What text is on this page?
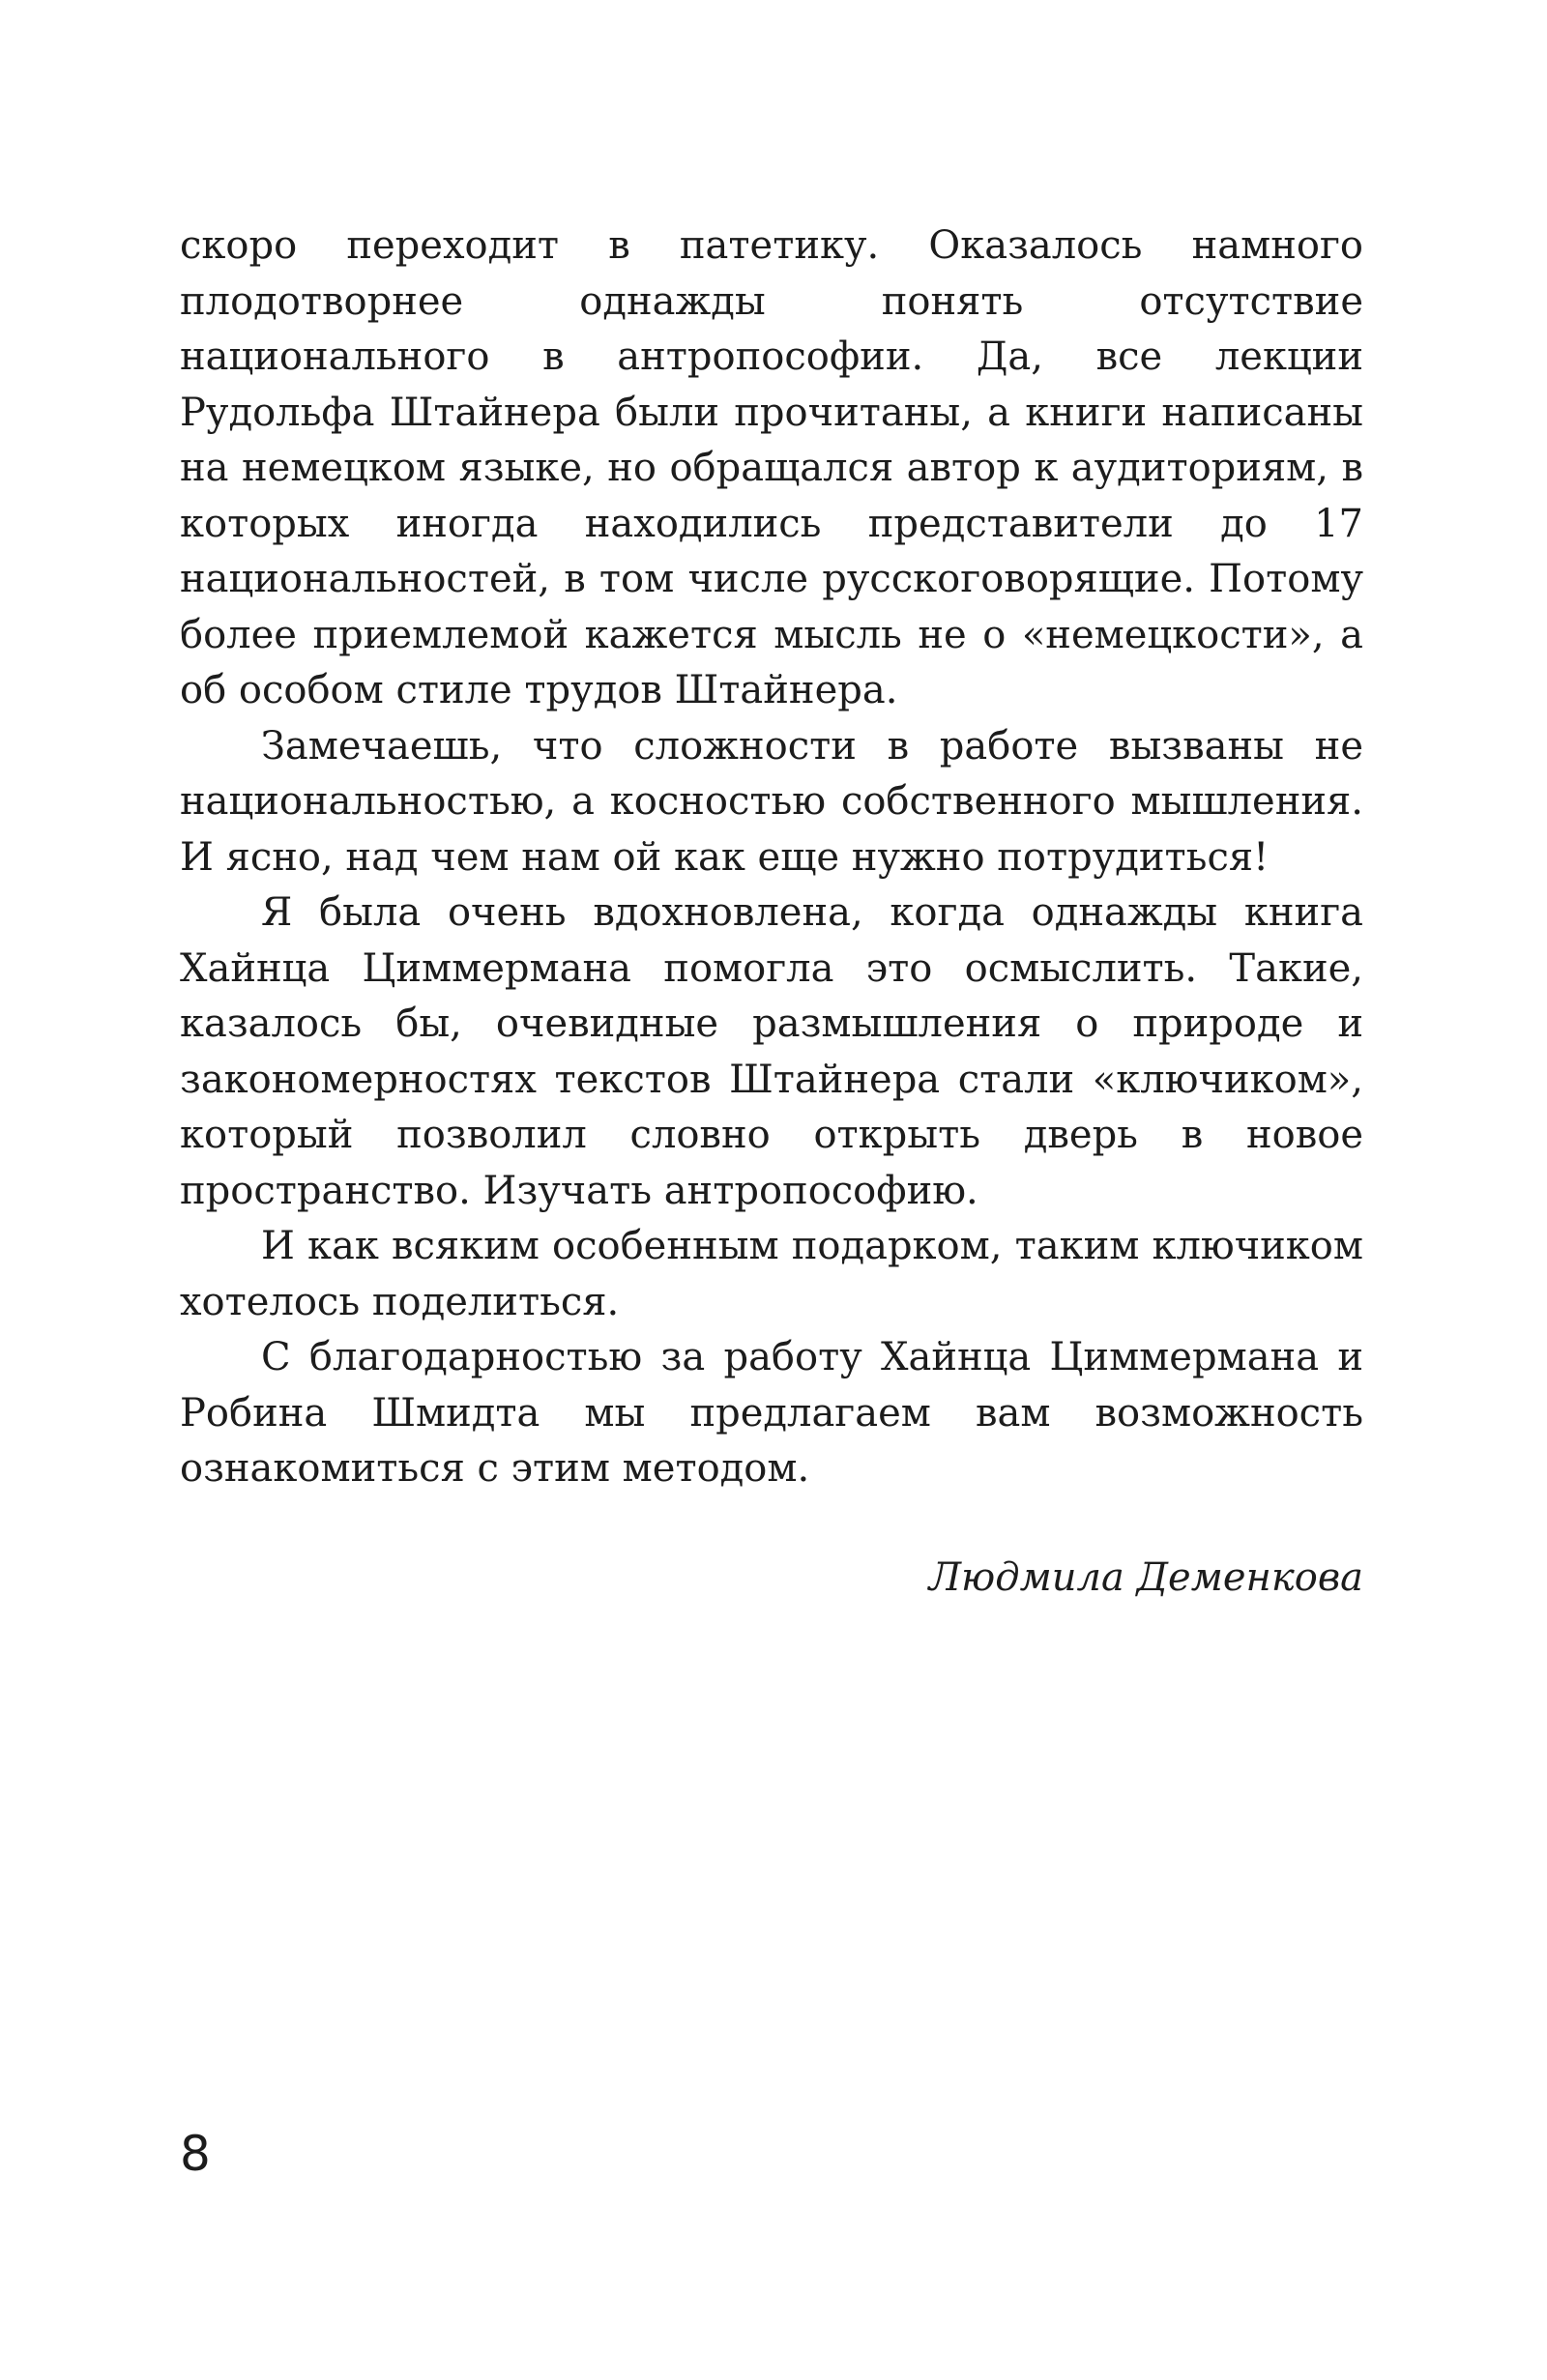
скоро переходит в патетику. Оказалось намного плодотворнее однажды понять отсутствие национального в антропософии. Да, все лекции Рудольфа Штайнера были прочитаны, а книги написаны на немецком языке, но обращался автор к аудиториям, в которых иногда находились представители до 17 национальностей, в том числе русскоговорящие. Потому более приемлемой кажется мысль не о «немецкости», а об особом стиле трудов Штайнера.

Замечаешь, что сложности в работе вызваны не национальностью, а косностью собственного мышления. И ясно, над чем нам ой как еще нужно потрудиться!

Я была очень вдохновлена, когда однажды книга Хайнца Циммермана помогла это осмыслить. Такие, казалось бы, очевидные размышления о природе и закономерностях текстов Штайнера стали «ключиком», который позволил словно открыть дверь в новое пространство. Изучать антропософию.

И как всяким особенным подарком, таким ключиком хотелось поделиться.

С благодарностью за работу Хайнца Циммермана и Робина Шмидта мы предлагаем вам возможность ознакомиться с этим методом.

Людмила Деменкова
8
